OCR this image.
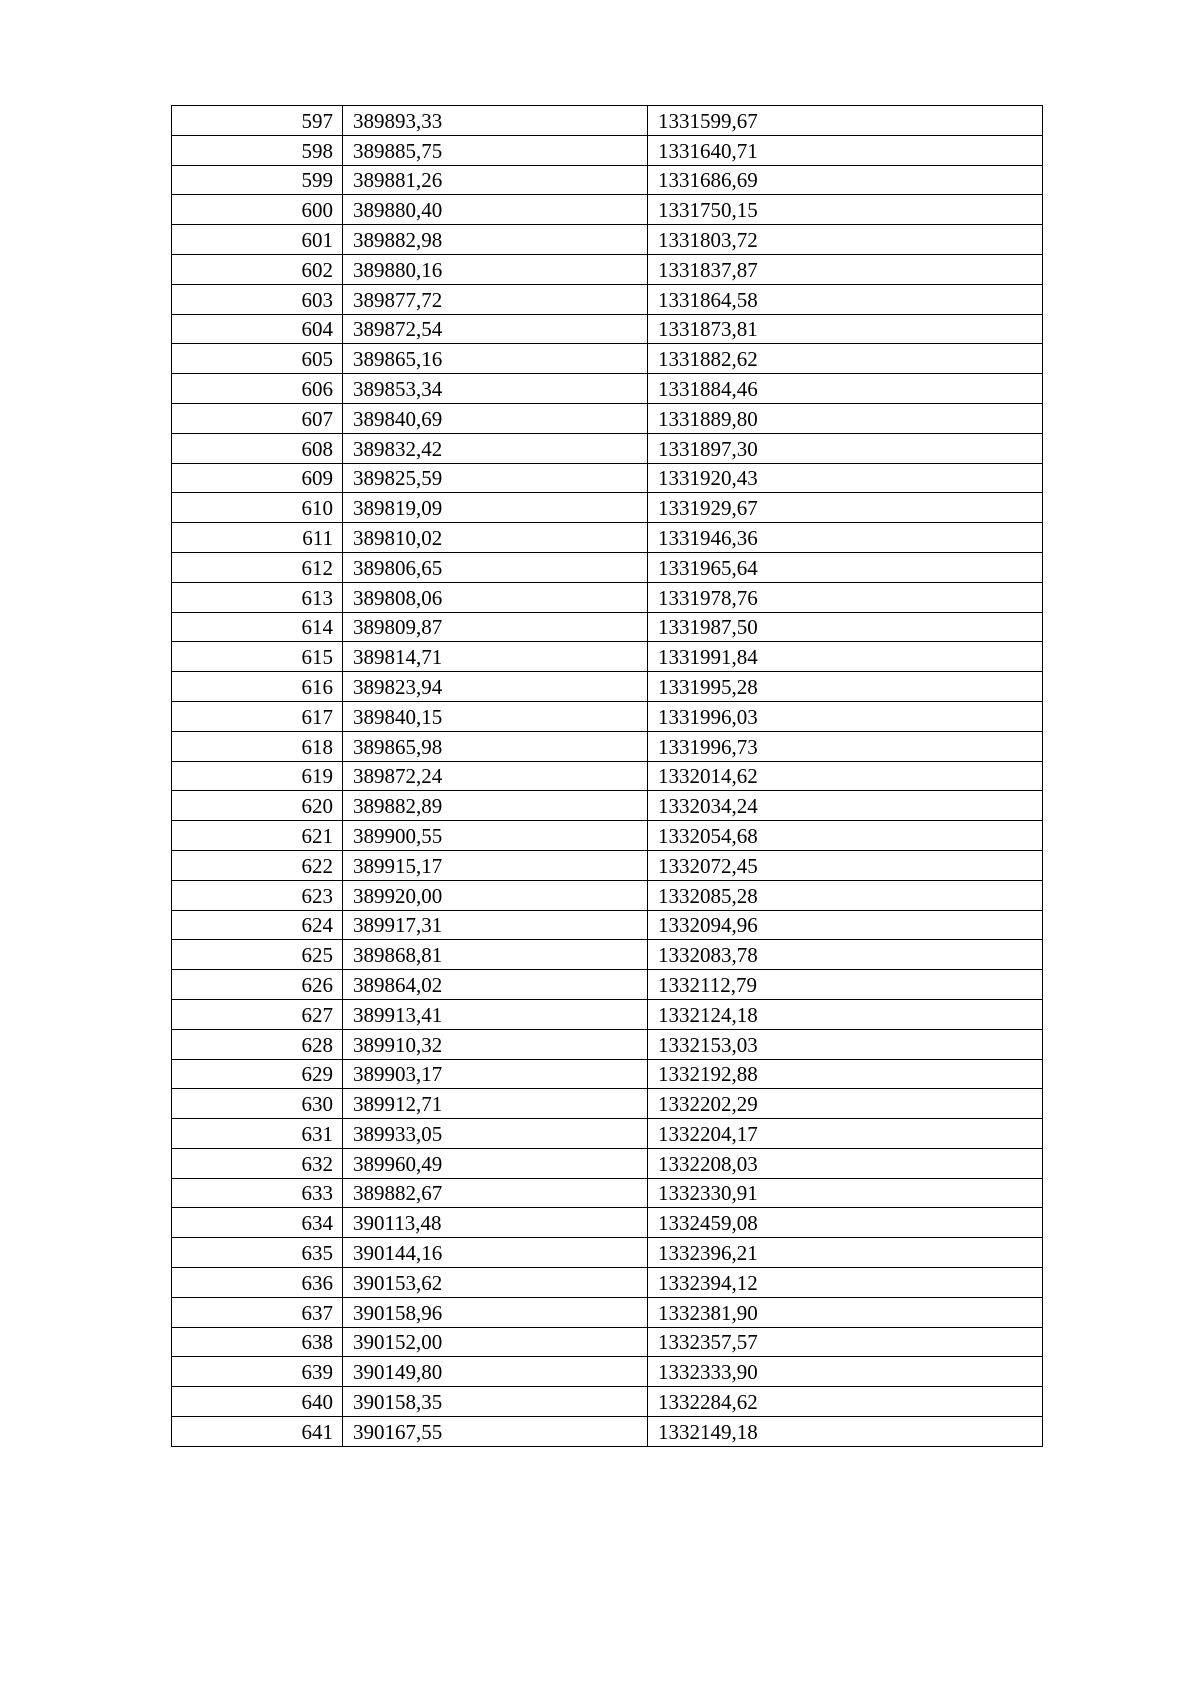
597	389893,33	1331599,67
598	389885,75	1331640,71
599	389881,26	1331686,69
600	389880,40	1331750,15
601	389882,98	1331803,72
602	389880,16	1331837,87
603	389877,72	1331864,58
604	389872,54	1331873,81
605	389865,16	1331882,62
606	389853,34	1331884,46
607	389840,69	1331889,80
608	389832,42	1331897,30
609	389825,59	1331920,43
610	389819,09	1331929,67
611	389810,02	1331946,36
612	389806,65	1331965,64
613	389808,06	1331978,76
614	389809,87	1331987,50
615	389814,71	1331991,84
616	389823,94	1331995,28
617	389840,15	1331996,03
618	389865,98	1331996,73
619	389872,24	1332014,62
620	389882,89	1332034,24
621	389900,55	1332054,68
622	389915,17	1332072,45
623	389920,00	1332085,28
624	389917,31	1332094,96
625	389868,81	1332083,78
626	389864,02	1332112,79
627	389913,41	1332124,18
628	389910,32	1332153,03
629	389903,17	1332192,88
630	389912,71	1332202,29
631	389933,05	1332204,17
632	389960,49	1332208,03
633	389882,67	1332330,91
634	390113,48	1332459,08
635	390144,16	1332396,21
636	390153,62	1332394,12
637	390158,96	1332381,90
638	390152,00	1332357,57
639	390149,80	1332333,90
640	390158,35	1332284,62
641	390167,55	1332149,18
